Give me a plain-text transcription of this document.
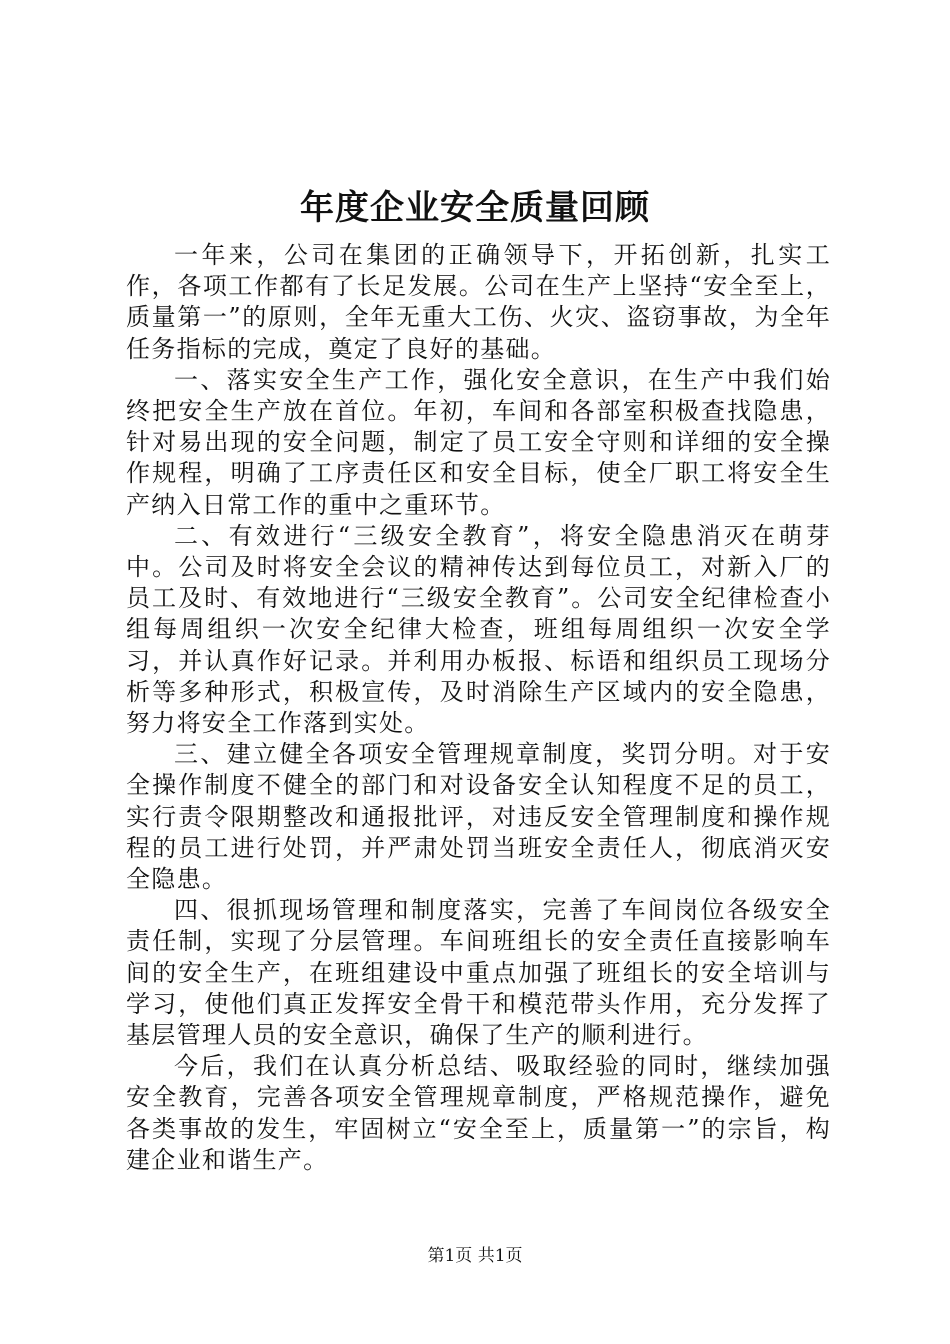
年度企业安全质量回顾

一年来，公司在集团的正确领导下，开拓创新，扎实工作，各项工作都有了长足发展。公司在生产上坚持“安全至上，质量第一”的原则，全年无重大工伤、火灾、盗窃事故，为全年任务指标的完成，奠定了良好的基础。

一、落实安全生产工作，强化安全意识，在生产中我们始终把安全生产放在首位。年初，车间和各部室积极查找隐患，针对易出现的安全问题，制定了员工安全守则和详细的安全操作规程，明确了工序责任区和安全目标，使全厂职工将安全生产纳入日常工作的重中之重环节。

二、有效进行“三级安全教育”，将安全隐患消灭在萌芽中。公司及时将安全会议的精神传达到每位员工，对新入厂的员工及时、有效地进行“三级安全教育”。公司安全纪律检查小组每周组织一次安全纪律大检查，班组每周组织一次安全学习，并认真作好记录。并利用办板报、标语和组织员工现场分析等多种形式，积极宣传，及时消除生产区域内的安全隐患，努力将安全工作落到实处。

三、建立健全各项安全管理规章制度，奖罚分明。对于安全操作制度不健全的部门和对设备安全认知程度不足的员工，实行责令限期整改和通报批评，对违反安全管理制度和操作规程的员工进行处罚，并严肃处罚当班安全责任人，彻底消灭安全隐患。

四、很抓现场管理和制度落实，完善了车间岗位各级安全责任制，实现了分层管理。车间班组长的安全责任直接影响车间的安全生产，在班组建设中重点加强了班组长的安全培训与学习，使他们真正发挥安全骨干和模范带头作用，充分发挥了基层管理人员的安全意识，确保了生产的顺利进行。

今后，我们在认真分析总结、吸取经验的同时，继续加强安全教育，完善各项安全管理规章制度，严格规范操作，避免各类事故的发生，牢固树立“安全至上，质量第一”的宗旨，构建企业和谐生产。

第1页 共1页
